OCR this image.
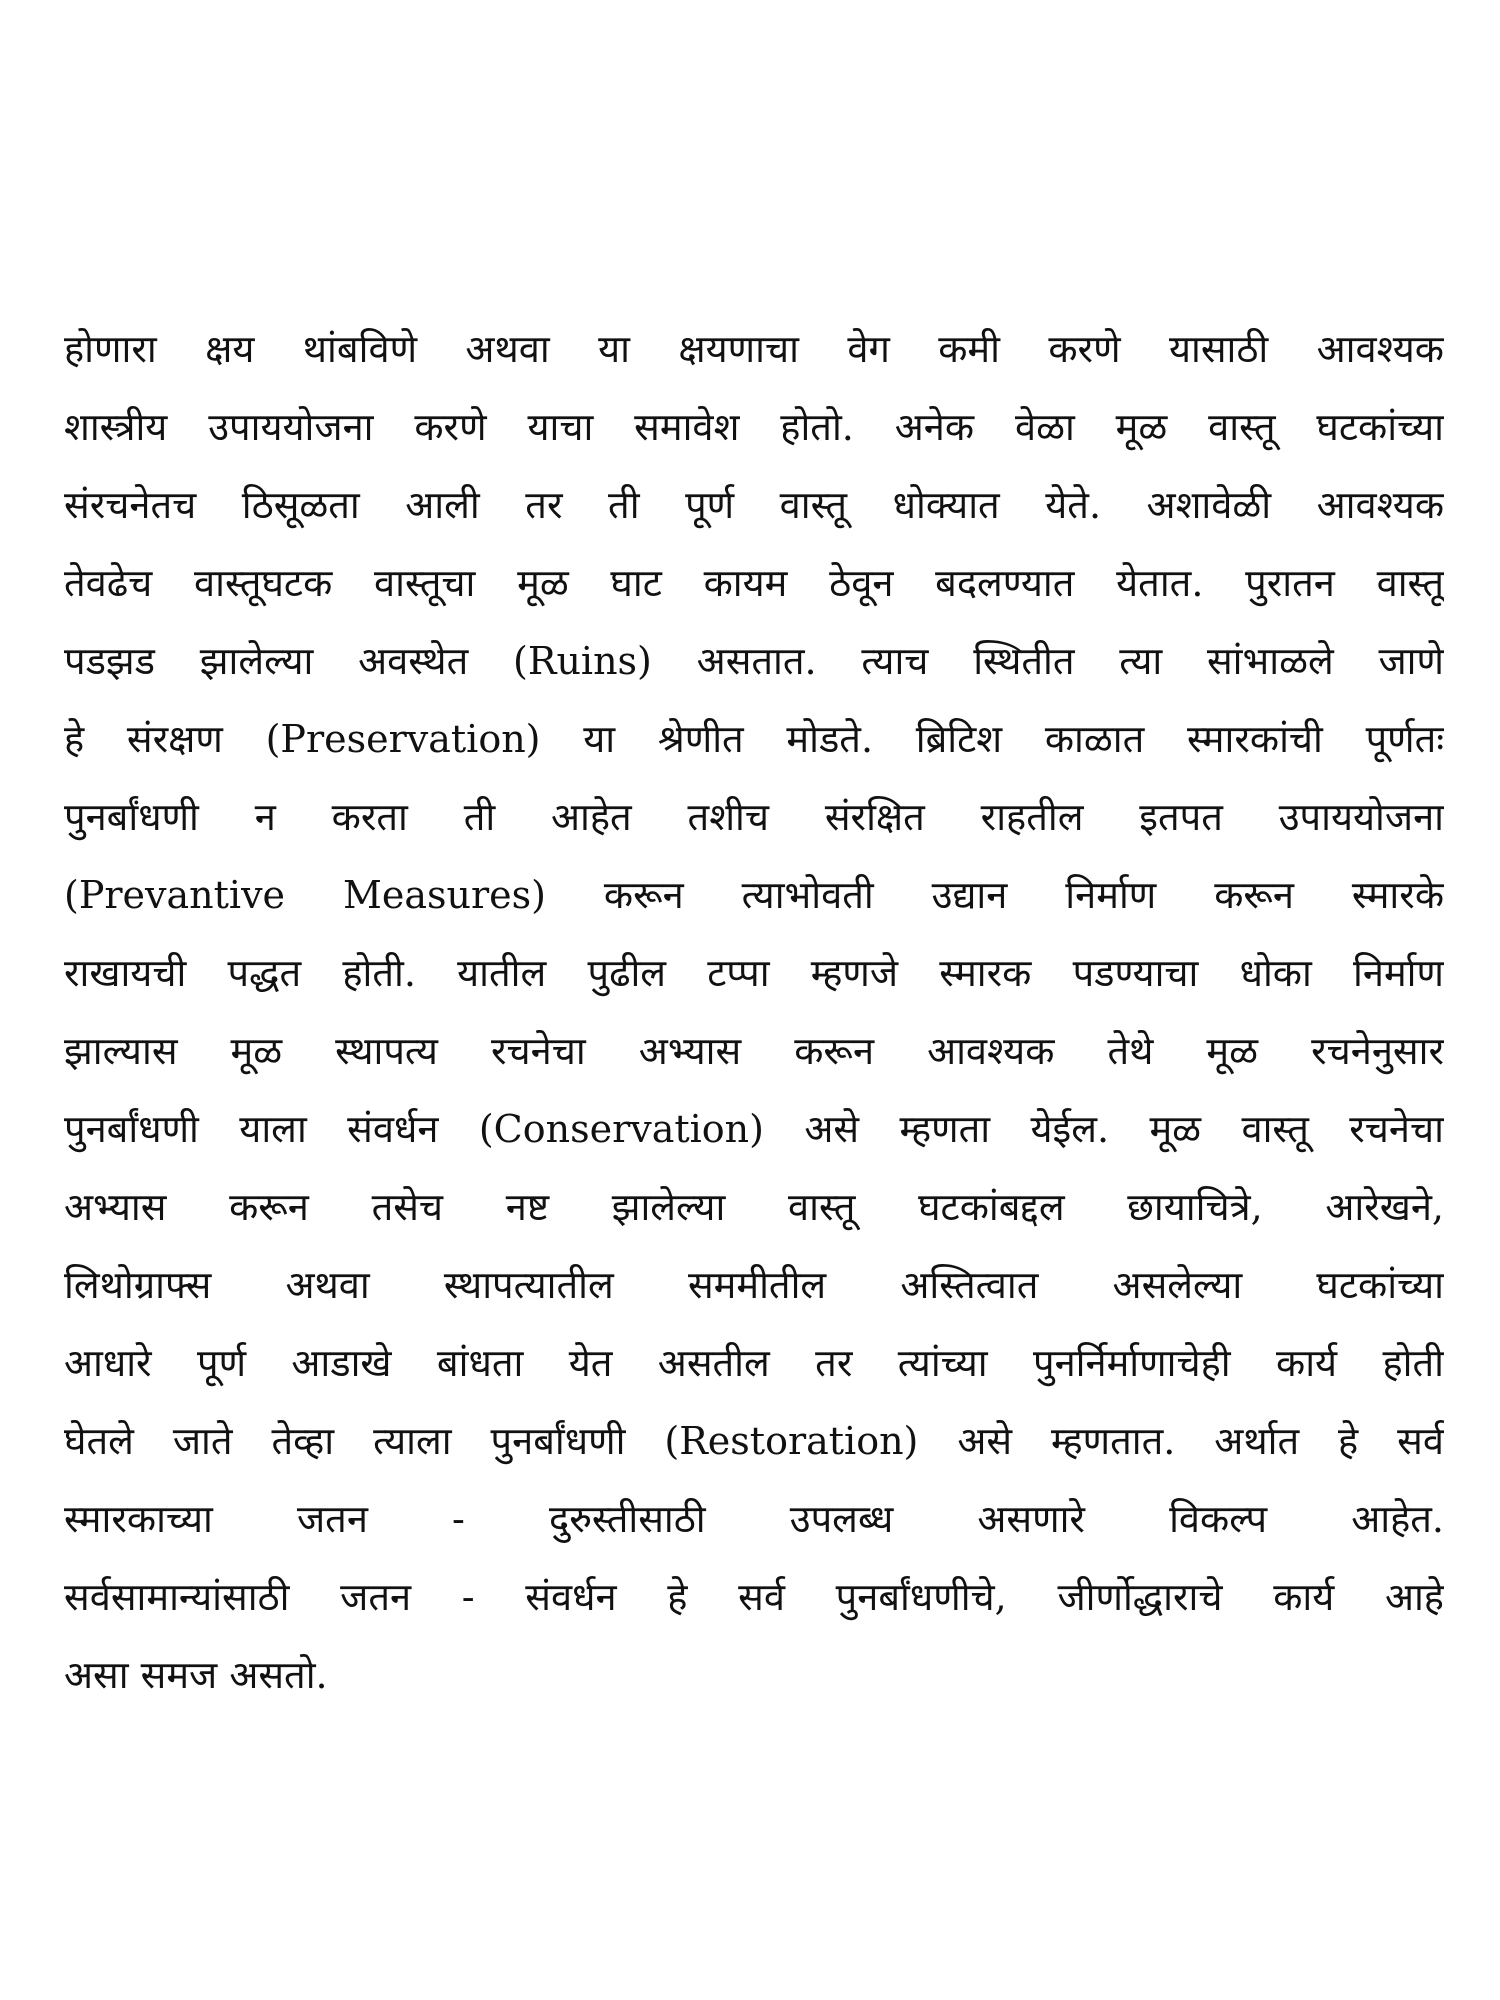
होणारा क्षय थांबविणे अथवा या क्षयणाचा वेग कमी करणे यासाठी आवश्यक
शास्त्रीय उपाययोजना करणे याचा समावेश होतो. अनेक वेळा मूळ वास्तू घटकांच्या
संरचनेतच ठिसूळता आली तर ती पूर्ण वास्तू धोक्यात येते. अशावेळी आवश्यक
तेवढेच वास्तूघटक वास्तूचा मूळ घाट कायम ठेवून बदलण्यात येतात. पुरातन वास्तू
पडझड झालेल्या अवस्थेत (Ruins) असतात. त्याच स्थितीत त्या सांभाळले जाणे
हे संरक्षण (Preservation) या श्रेणीत मोडते. ब्रिटिश काळात स्मारकांची पूर्णतः
पुनर्बांधणी न करता ती आहेत तशीच संरक्षित राहतील इतपत उपाययोजना
(Prevantive Measures) करून त्याभोवती उद्यान निर्माण करून स्मारके
राखायची पद्धत होती. यातील पुढील टप्पा म्हणजे स्मारक पडण्याचा धोका निर्माण
झाल्यास मूळ स्थापत्य रचनेचा अभ्यास करून आवश्यक तेथे मूळ रचनेनुसार
पुनर्बांधणी याला संवर्धन (Conservation) असे म्हणता येईल. मूळ वास्तू रचनेचा
अभ्यास करून तसेच नष्ट झालेल्या वास्तू घटकांबद्दल छायाचित्रे, आरेखने,
लिथोग्राफ्स अथवा स्थापत्यातील सममीतील अस्तित्वात असलेल्या घटकांच्या
आधारे पूर्ण आडाखे बांधता येत असतील तर त्यांच्या पुनर्निर्माणाचेही कार्य होती
घेतले जाते तेव्हा त्याला पुनर्बांधणी (Restoration) असे म्हणतात. अर्थात हे सर्व
स्मारकाच्या जतन - दुरुस्तीसाठी उपलब्ध असणारे विकल्प आहेत.
सर्वसामान्यांसाठी जतन - संवर्धन हे सर्व पुनर्बांधणीचे, जीर्णोद्धाराचे कार्य आहे
असा समज असतो.
